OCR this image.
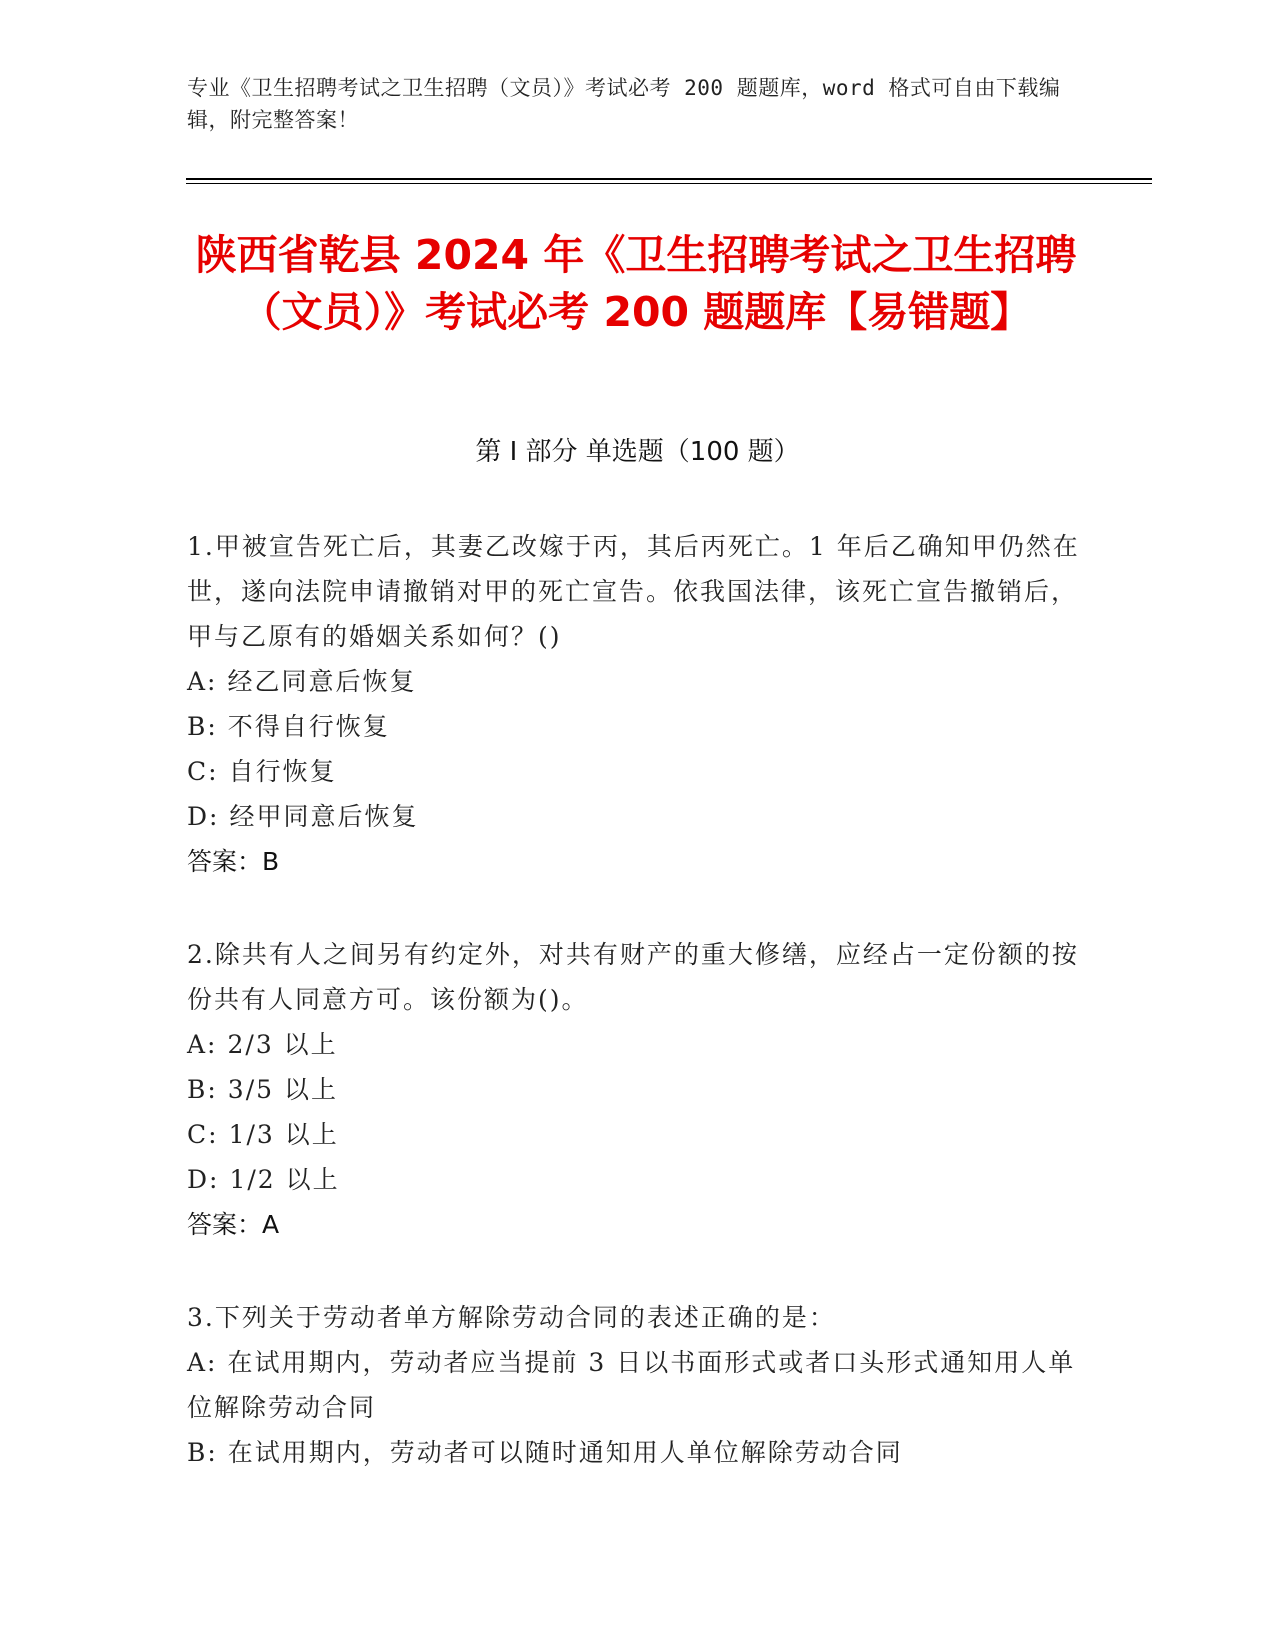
专业《卫生招聘考试之卫生招聘（文员）》考试必考 200 题题库，word 格式可自由下载编辑，附完整答案！
陕西省乾县 2024 年《卫生招聘考试之卫生招聘（文员）》考试必考 200 题题库【易错题】
第 I 部分 单选题（100 题）
1.甲被宣告死亡后，其妻乙改嫁于丙，其后丙死亡。1 年后乙确知甲仍然在世，遂向法院申请撤销对甲的死亡宣告。依我国法律，该死亡宣告撤销后，甲与乙原有的婚姻关系如何？()
A: 经乙同意后恢复
B: 不得自行恢复
C: 自行恢复
D: 经甲同意后恢复
答案：B
2.除共有人之间另有约定外，对共有财产的重大修缮，应经占一定份额的按份共有人同意方可。该份额为()。
A: 2/3 以上
B: 3/5 以上
C: 1/3 以上
D: 1/2 以上
答案：A
3.下列关于劳动者单方解除劳动合同的表述正确的是：
A: 在试用期内，劳动者应当提前 3 日以书面形式或者口头形式通知用人单位解除劳动合同
B: 在试用期内，劳动者可以随时通知用人单位解除劳动合同
